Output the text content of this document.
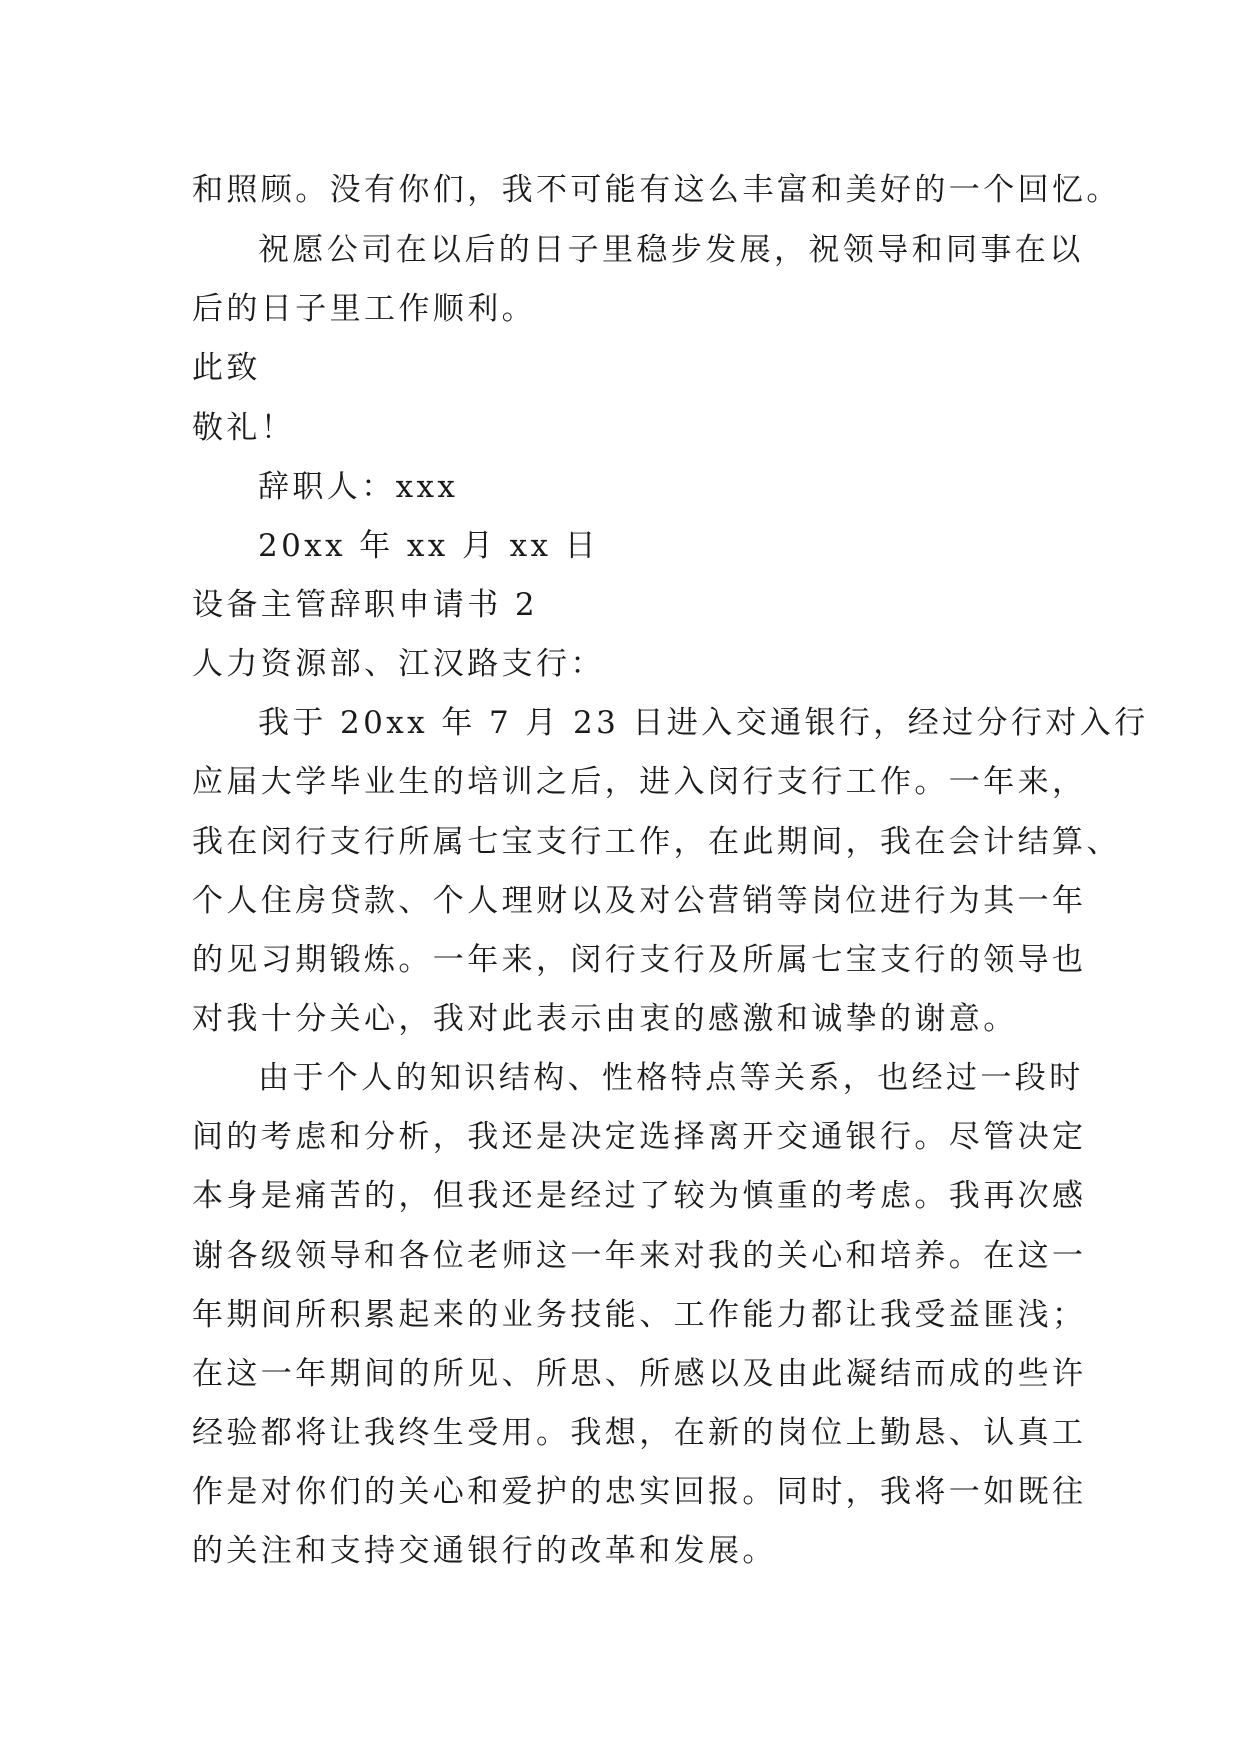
和照顾。没有你们，我不可能有这么丰富和美好的一个回忆。
祝愿公司在以后的日子里稳步发展，祝领导和同事在以
后的日子里工作顺利。
此致
敬礼！
辞职人：xxx
20xx 年 xx 月 xx 日
设备主管辞职申请书 2
人力资源部、江汉路支行：
我于 20xx 年 7 月 23 日进入交通银行，经过分行对入行
应届大学毕业生的培训之后，进入闵行支行工作。一年来，
我在闵行支行所属七宝支行工作，在此期间，我在会计结算、
个人住房贷款、个人理财以及对公营销等岗位进行为其一年
的见习期锻炼。一年来，闵行支行及所属七宝支行的领导也
对我十分关心，我对此表示由衷的感激和诚挚的谢意。
由于个人的知识结构、性格特点等关系，也经过一段时
间的考虑和分析，我还是决定选择离开交通银行。尽管决定
本身是痛苦的，但我还是经过了较为慎重的考虑。我再次感
谢各级领导和各位老师这一年来对我的关心和培养。在这一
年期间所积累起来的业务技能、工作能力都让我受益匪浅；
在这一年期间的所见、所思、所感以及由此凝结而成的些许
经验都将让我终生受用。我想，在新的岗位上勤恳、认真工
作是对你们的关心和爱护的忠实回报。同时，我将一如既往
的关注和支持交通银行的改革和发展。
